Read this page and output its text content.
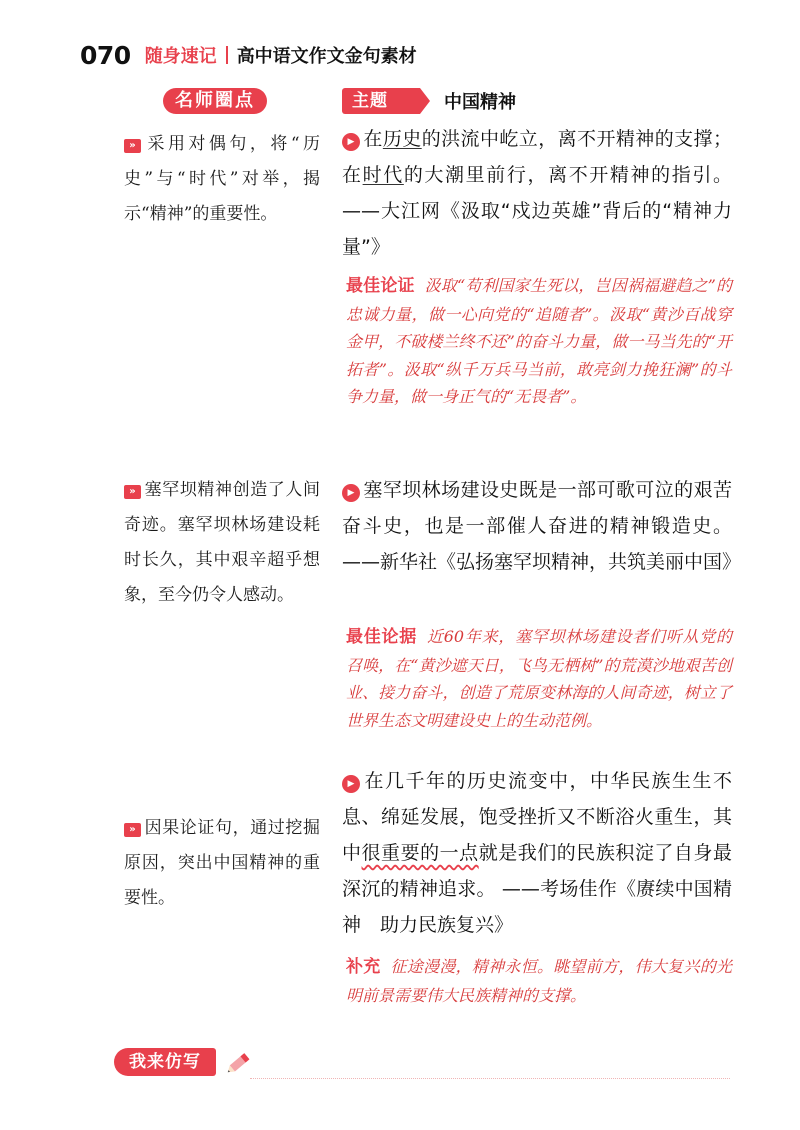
070 随身速记 高中语文作文金句素材
名师圈点	主题	中国精神
» 采用对偶句，将“历史”与“时代”对举，揭示“精神”的重要性。
▶ 在历史的洪流中屹立，离不开精神的支撑；在时代的大潮里前行，离不开精神的指引。 ——大江网《汲取“戍边英雄”背后的“精神力量”》
最佳论证 汲取“苟利国家生死以，岂因祸福避趋之”的忠诚力量，做一心向党的“追随者”。汲取“黄沙百战穿金甲，不破楼兰终不还”的奋斗力量，做一马当先的“开拓者”。汲取“纵千万兵马当前，敢亮剑力挽狂澜”的斗争力量，做一身正气的“无畏者”。
» 塞罕坝精神创造了人间奇迹。塞罕坝林场建设耗时长久，其中艰辛超乎想象，至今仍令人感动。
▶ 塞罕坝林场建设史既是一部可歌可泣的艰苦奋斗史，也是一部催人奋进的精神锻造史。 ——新华社《弘扬塞罕坝精神，共筑美丽中国》
最佳论据 近60年来，塞罕坝林场建设者们听从党的召唤，在“黄沙遮天日，飞鸟无栖树”的荒漠沙地艰苦创业、接力奋斗，创造了荒原变林海的人间奇迹，树立了世界生态文明建设史上的生动范例。
» 因果论证句，通过挖掘原因，突出中国精神的重要性。
▶ 在几千年的历史流变中，中华民族生生不息、绵延发展，饱受挫折又不断浴火重生，其中很重要的一点就是我们的民族积淀了自身最深沉的精神追求。 ——考场佳作《赓续中国精神　助力民族复兴》
补充 征途漫漫，精神永恒。眺望前方，伟大复兴的光明前景需要伟大民族精神的支撑。
我来仿写
